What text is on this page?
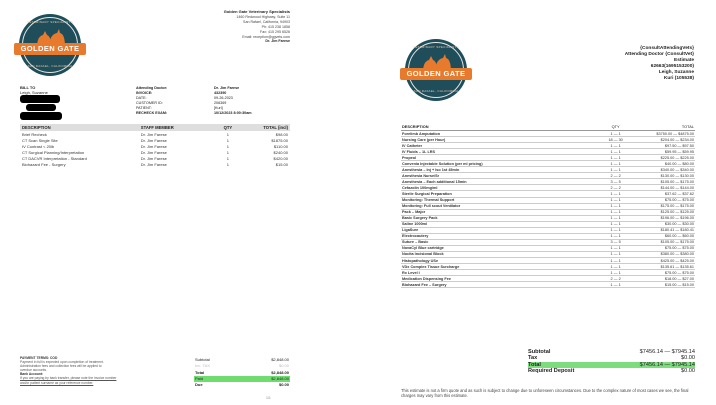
VETERINARY SPECIALISTS
GOLDEN GATE
SAN RAFAEL, CALIFORNIA
Golden Gate Veterinary Specialists
1460 Redwood Highway, Suite 11
San Rafael, California, 94903
Ph: 415 238 1858
Fax: 415 295 6526
Email: reception@ggvets.com
Dr. Jim Farese
BILL TO
Leigh, Suzanne
Attending Doctor:	Dr. Jim Farese
INVOICE:	432390
DATE:	09-26-2023
CUSTOMER ID:	206369
PATIENT:	[Kuri]
RECHECK EXAM:	10/12/2023 8:00:30am
DESCRIPTION	STAFF MEMBER	QTY	TOTAL (incl)
Brief Recheck	Dr. Jim Farese	1	$98.00
CT Scan Single Site	Dr. Jim Farese	1	$1875.00
IV Contrast < 20lb	Dr. Jim Farese	1	$110.00
CT Surgical Planning/Interpretation	Dr. Jim Farese	1	$240.00
CT DACVR Interpretation - Standard	Dr. Jim Farese	1	$420.00
Biohazard Fee - Surgery	Dr. Jim Farese	1	$15.00
PAYMENT TERMS: COD
Payment in full is expected upon completion of treatment.
Administration fees and collection fees will be applied to
overdue accounts.
Bank Account:
If you are paying by bank transfer, please note the invoice number
and/or patient surname as your reference number.
Subtotal	$2,848.00
Inc. TAX	$0.00
Total	$2,848.00
Paid	$2,848.00
Due	$0.00
1/1
VETERINARY SPECIALISTS
GOLDEN GATE
SAN RAFAEL, CALIFORNIA
{ConsultAttendingVets}
Attending Doctor {ConsultVet}
Estimate
62663(1695153200)
Leigh, Suzanne
Kuri (105538)
DESCRIPTION	QTY	TOTAL
Forelimb Amputation	1 — 1	$3750.00 — $4875.00
Nursing Care (per Hour)	18 — 30	$204.00 — $234.00
IV Catheter	1 — 1	$97.50 — $97.50
IV Fluids – 1L LRS	1 — 1	$59.95 — $59.95
Propeol	1 — 1	$225.00 — $225.00
Convenia Injectable Solution (per ml pricing)	1 — 1	$40.00 — $80.00
Anesthesia – Inj + Iso 1st 45min	1 — 1	$340.00 — $340.00
Anesthesia Nurse/Sr	2 — 2	$130.00 — $130.00
Anesthesia – Each additional 15min	3 — 5	$105.00 — $175.00
Cefazolin 100mg/ml	2 — 2	$144.00 — $144.00
Sterile Surgical Preparation	1 — 1	$37.62 — $37.62
Monitoring: Thermal Support	1 — 1	$75.00 — $75.00
Monitoring: Full scout Ventilator	1 — 1	$175.00 — $175.00
Pack – Major	1 — 1	$125.00 — $125.00
Basic Surgery Pack	1 — 1	$196.00 — $196.00
Saline 1000ml	1 — 1	$30.00 — $30.00
LigaSure	1 — 1	$180.41 — $180.41
Electrocautery	1 — 1	$60.00 — $60.00
Suture – Basic	3 — 5	$105.00 — $175.00
NovaCyl Blue cartridge	1 — 1	$75.00 — $75.00
Nocita Incisional Block	1 — 1	$380.00 — $380.00
Histopathology USe	1 — 1	$425.00 — $425.00
VDx Complex Tissue Surcharge	1 — 1	$135.61 — $135.61
Rx Level I	1 — 1	$75.00 — $75.00
Medication Dispensing Fee	2 — 2	$18.00 — $27.00
Biohazard Fee – Surgery	1 — 1	$15.00 — $15.00
Subtotal	$7456.14 — $7945.14
Tax	$0.00
Total	$7456.14 — $7945.14
Required Deposit	$0.00
This estimate is not a firm quote and as such is subject to change due to unforeseen circumstances. Due to the complex nature of most cases we see, the final charges may vary from this estimate.
